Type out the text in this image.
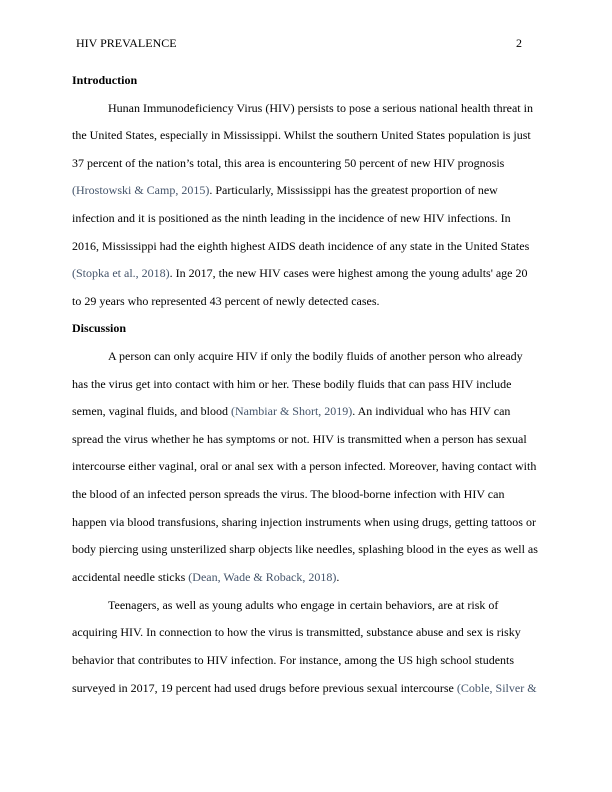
HIV PREVALENCE	2
Introduction
Hunan Immunodeficiency Virus (HIV) persists to pose a serious national health threat in
the United States, especially in Mississippi. Whilst the southern United States population is just
37 percent of the nation’s total, this area is encountering 50 percent of new HIV prognosis
(Hrostowski & Camp, 2015). Particularly, Mississippi has the greatest proportion of new
infection and it is positioned as the ninth leading in the incidence of new HIV infections. In
2016, Mississippi had the eighth highest AIDS death incidence of any state in the United States
(Stopka et al., 2018). In 2017, the new HIV cases were highest among the young adults' age 20
to 29 years who represented 43 percent of newly detected cases.
Discussion
A person can only acquire HIV if only the bodily fluids of another person who already
has the virus get into contact with him or her. These bodily fluids that can pass HIV include
semen, vaginal fluids, and blood (Nambiar & Short, 2019). An individual who has HIV can
spread the virus whether he has symptoms or not. HIV is transmitted when a person has sexual
intercourse either vaginal, oral or anal sex with a person infected. Moreover, having contact with
the blood of an infected person spreads the virus. The blood-borne infection with HIV can
happen via blood transfusions, sharing injection instruments when using drugs, getting tattoos or
body piercing using unsterilized sharp objects like needles, splashing blood in the eyes as well as
accidental needle sticks (Dean, Wade & Roback, 2018).
Teenagers, as well as young adults who engage in certain behaviors, are at risk of
acquiring HIV. In connection to how the virus is transmitted, substance abuse and sex is risky
behavior that contributes to HIV infection. For instance, among the US high school students
surveyed in 2017, 19 percent had used drugs before previous sexual intercourse (Coble, Silver &
